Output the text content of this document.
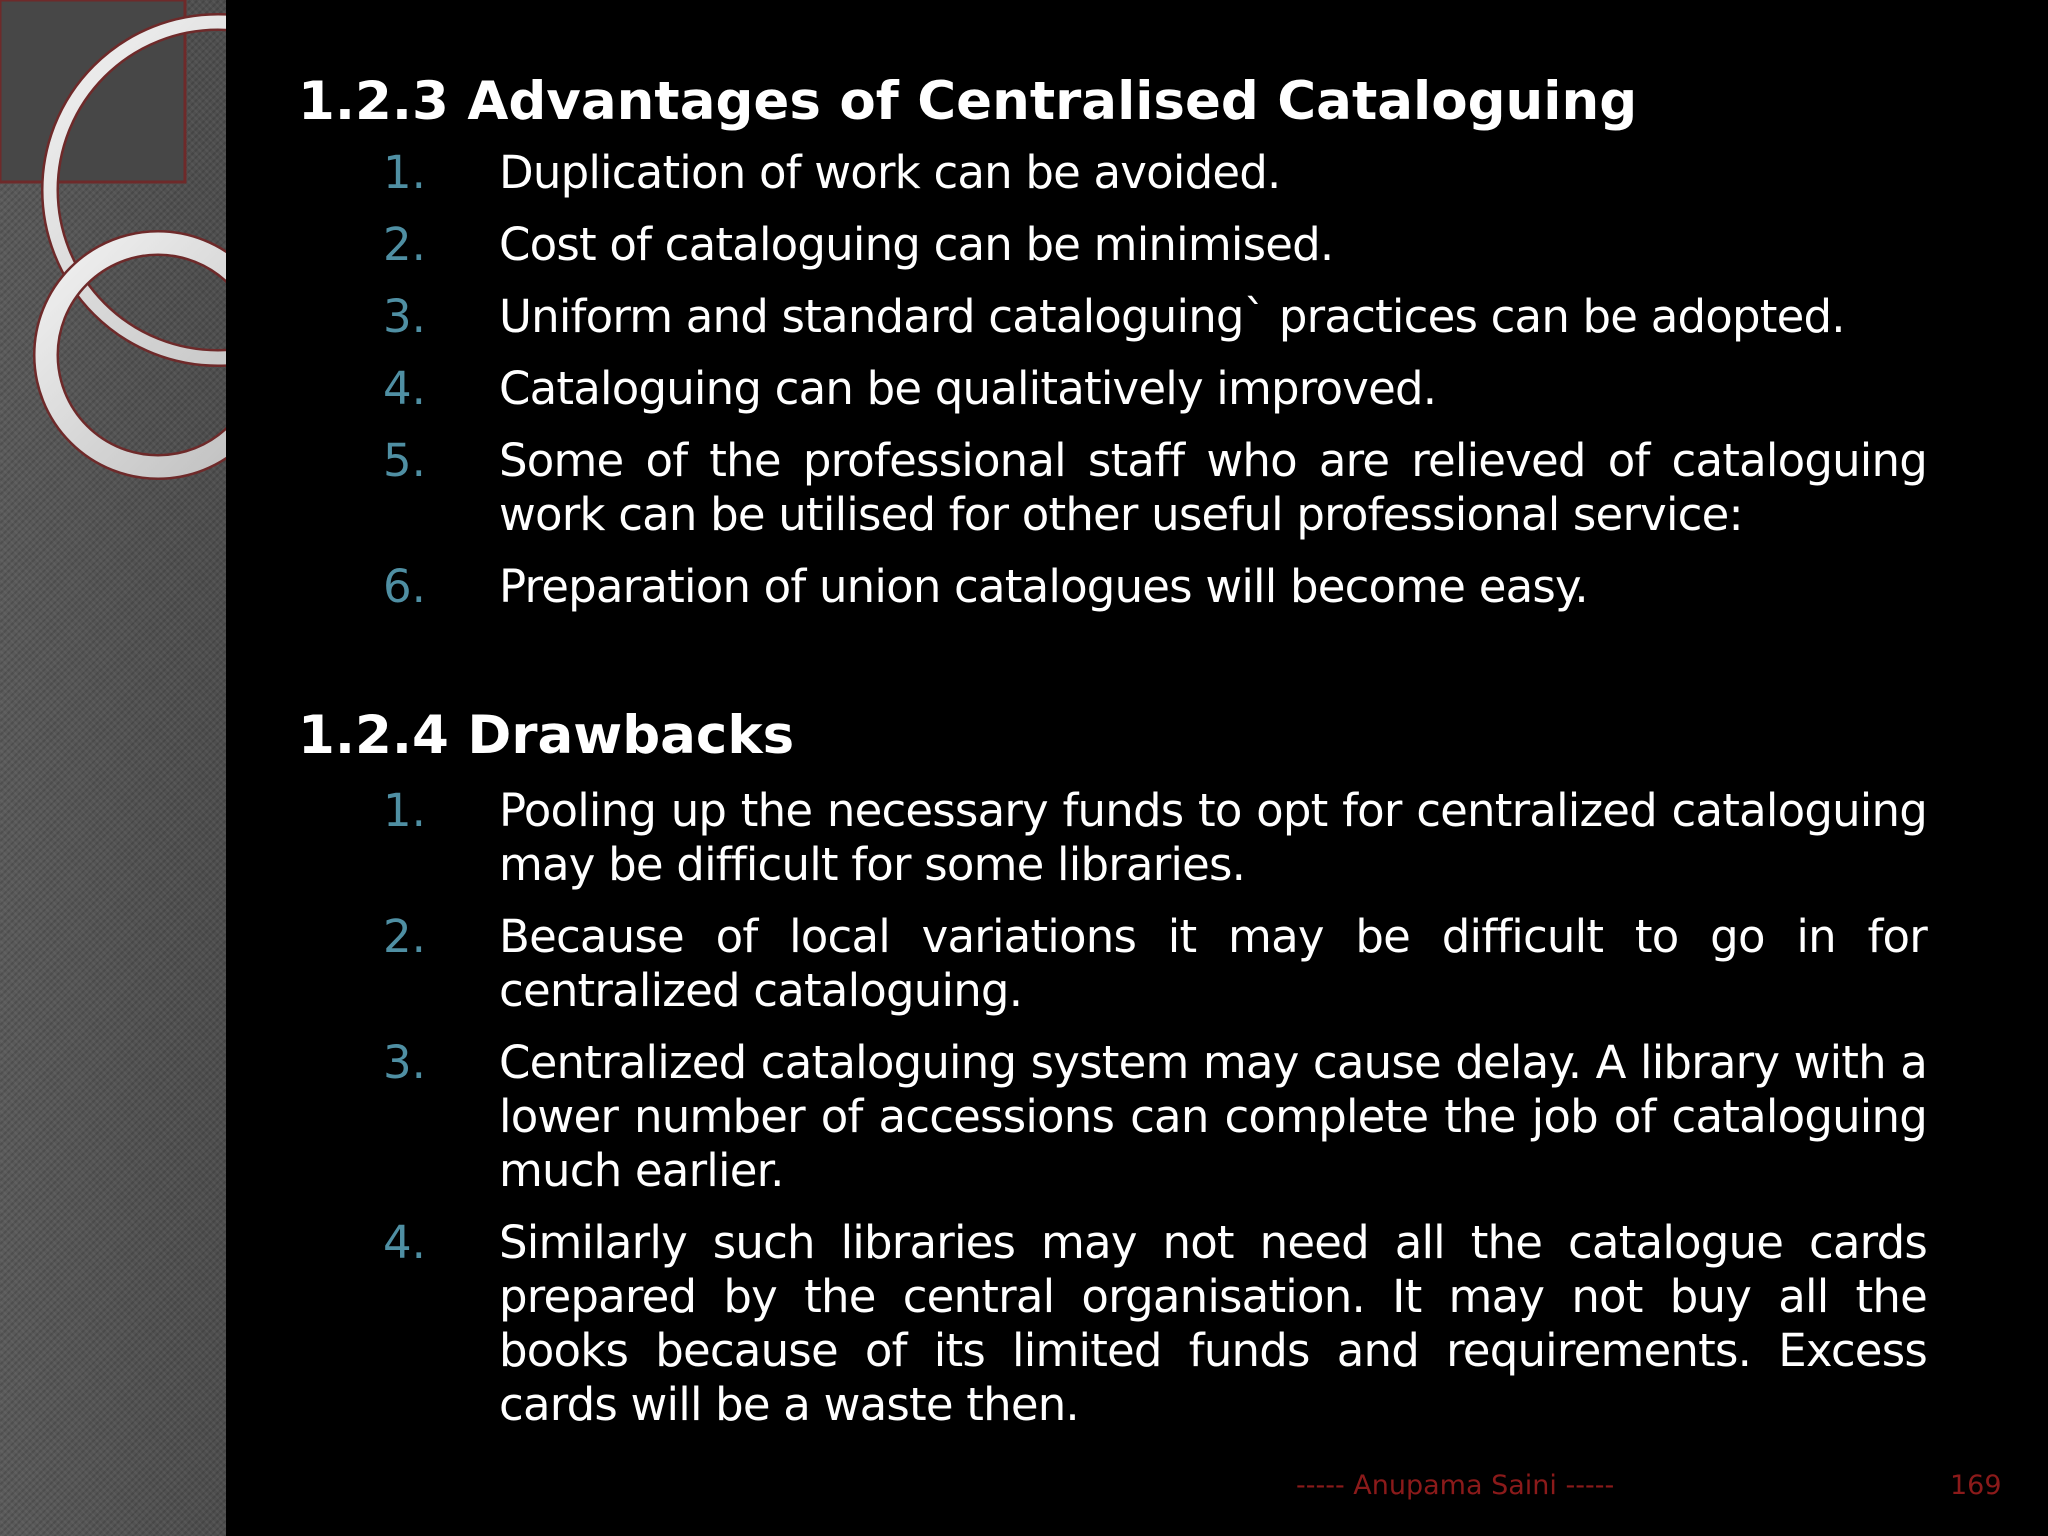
1.2.3 Advantages of Centralised Cataloguing
1. Duplication of work can be avoided.
2. Cost of cataloguing can be minimised.
3. Uniform and standard cataloguing` practices can be adopted.
4. Cataloguing can be qualitatively improved.
5. Some of the professional staff who are relieved of cataloguing work can be utilised for other useful professional service:
6. Preparation of union catalogues will become easy.
1.2.4 Drawbacks
1. Pooling up the necessary funds to opt for centralized cataloguing may be difficult for some libraries.
2. Because of local variations it may be difficult to go in for centralized cataloguing.
3. Centralized cataloguing system may cause delay. A library with a lower number of accessions can complete the job of cataloguing much earlier.
4. Similarly such libraries may not need all the catalogue cards prepared by the central organisation. It may not buy all the books because of its limited funds and requirements. Excess cards will be a waste then.
----- Anupama Saini -----	169
